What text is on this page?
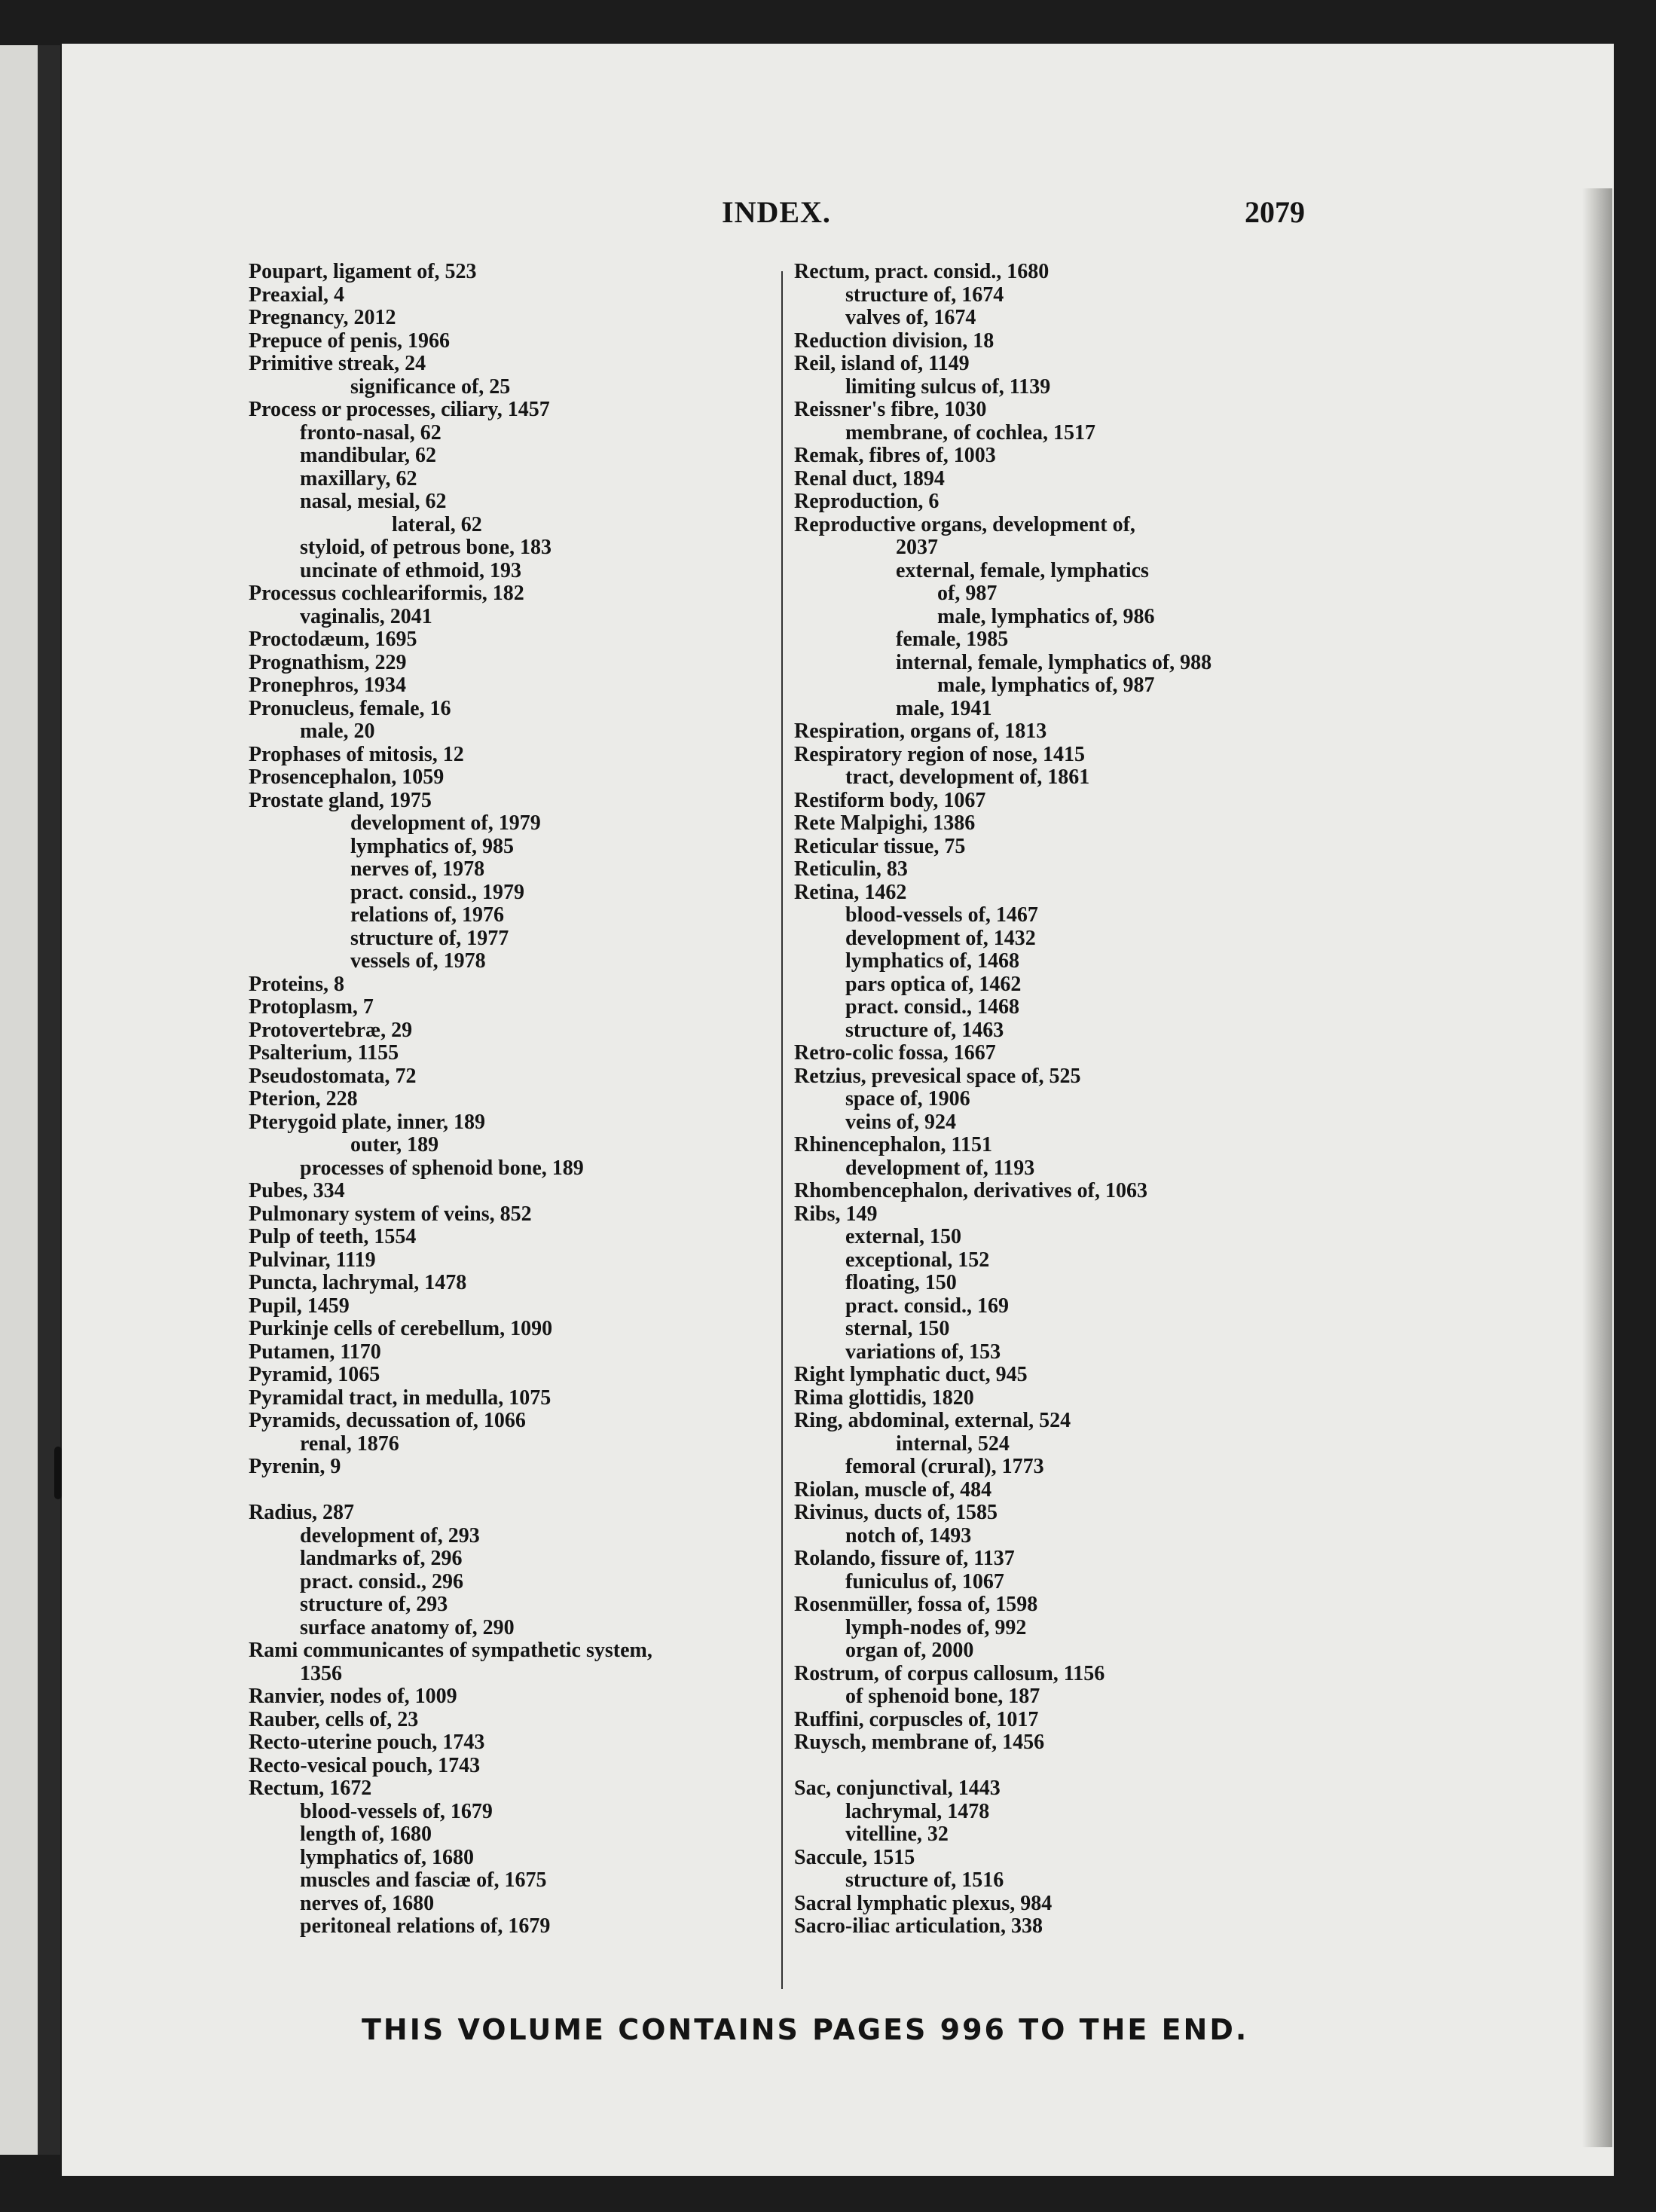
INDEX.	2079
Poupart, ligament of, 523
Preaxial, 4
Pregnancy, 2012
Prepuce of penis, 1966
Primitive streak, 24
significance of, 25
Process or processes, ciliary, 1457
fronto-nasal, 62
mandibular, 62
maxillary, 62
nasal, mesial, 62
lateral, 62
styloid, of petrous bone, 183
uncinate of ethmoid, 193
Processus cochleariformis, 182
vaginalis, 2041
Proctodæum, 1695
Prognathism, 229
Pronephros, 1934
Pronucleus, female, 16
male, 20
Prophases of mitosis, 12
Prosencephalon, 1059
Prostate gland, 1975
development of, 1979
lymphatics of, 985
nerves of, 1978
pract. consid., 1979
relations of, 1976
structure of, 1977
vessels of, 1978
Proteins, 8
Protoplasm, 7
Protovertebræ, 29
Psalterium, 1155
Pseudostomata, 72
Pterion, 228
Pterygoid plate, inner, 189
outer, 189
processes of sphenoid bone, 189
Pubes, 334
Pulmonary system of veins, 852
Pulp of teeth, 1554
Pulvinar, 1119
Puncta, lachrymal, 1478
Pupil, 1459
Purkinje cells of cerebellum, 1090
Putamen, 1170
Pyramid, 1065
Pyramidal tract, in medulla, 1075
Pyramids, decussation of, 1066
renal, 1876
Pyrenin, 9
Radius, 287
development of, 293
landmarks of, 296
pract. consid., 296
structure of, 293
surface anatomy of, 290
Rami communicantes of sympathetic system,
1356
Ranvier, nodes of, 1009
Rauber, cells of, 23
Recto-uterine pouch, 1743
Recto-vesical pouch, 1743
Rectum, 1672
blood-vessels of, 1679
length of, 1680
lymphatics of, 1680
muscles and fasciæ of, 1675
nerves of, 1680
peritoneal relations of, 1679
Rectum, pract. consid., 1680
structure of, 1674
valves of, 1674
Reduction division, 18
Reil, island of, 1149
limiting sulcus of, 1139
Reissner's fibre, 1030
membrane, of cochlea, 1517
Remak, fibres of, 1003
Renal duct, 1894
Reproduction, 6
Reproductive organs, development of,
2037
external, female, lymphatics
of, 987
male, lymphatics of, 986
female, 1985
internal, female, lymphatics of, 988
male, lymphatics of, 987
male, 1941
Respiration, organs of, 1813
Respiratory region of nose, 1415
tract, development of, 1861
Restiform body, 1067
Rete Malpighi, 1386
Reticular tissue, 75
Reticulin, 83
Retina, 1462
blood-vessels of, 1467
development of, 1432
lymphatics of, 1468
pars optica of, 1462
pract. consid., 1468
structure of, 1463
Retro-colic fossa, 1667
Retzius, prevesical space of, 525
space of, 1906
veins of, 924
Rhinencephalon, 1151
development of, 1193
Rhombencephalon, derivatives of, 1063
Ribs, 149
external, 150
exceptional, 152
floating, 150
pract. consid., 169
sternal, 150
variations of, 153
Right lymphatic duct, 945
Rima glottidis, 1820
Ring, abdominal, external, 524
internal, 524
femoral (crural), 1773
Riolan, muscle of, 484
Rivinus, ducts of, 1585
notch of, 1493
Rolando, fissure of, 1137
funiculus of, 1067
Rosenmüller, fossa of, 1598
lymph-nodes of, 992
organ of, 2000
Rostrum, of corpus callosum, 1156
of sphenoid bone, 187
Ruffini, corpuscles of, 1017
Ruysch, membrane of, 1456
Sac, conjunctival, 1443
lachrymal, 1478
vitelline, 32
Saccule, 1515
structure of, 1516
Sacral lymphatic plexus, 984
Sacro-iliac articulation, 338
THIS VOLUME CONTAINS PAGES 996 TO THE END.
